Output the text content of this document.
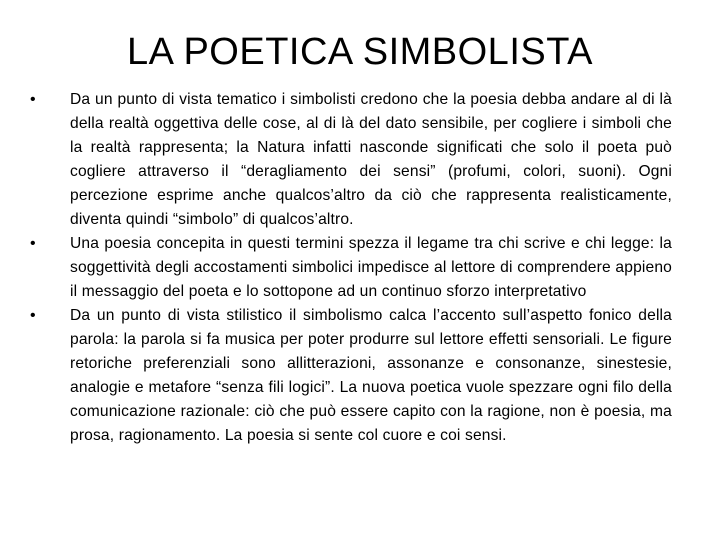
LA POETICA SIMBOLISTA
•	Da un punto di vista tematico i simbolisti credono che la poesia debba andare al di là della realtà oggettiva delle cose, al di là del dato sensibile, per cogliere i simboli che la realtà rappresenta; la Natura infatti nasconde significati che solo il poeta può cogliere attraverso il “deragliamento dei sensi” (profumi, colori, suoni). Ogni percezione esprime anche qualcos’altro da ciò che rappresenta realisticamente, diventa quindi “simbolo” di qualcos’altro.
•	Una poesia concepita in questi termini spezza il legame tra chi scrive e chi legge: la soggettività degli accostamenti simbolici impedisce al lettore di comprendere appieno il messaggio del poeta e lo sottopone ad un continuo sforzo interpretativo
•	Da un punto di vista stilistico il simbolismo calca l’accento sull’aspetto fonico della parola: la parola si fa musica per poter produrre sul lettore effetti sensoriali. Le figure retoriche preferenziali sono allitterazioni, assonanze e consonanze, sinestesie, analogie e metafore “senza fili logici”. La nuova poetica vuole spezzare ogni filo della comunicazione razionale: ciò che può essere capito con la ragione, non è poesia, ma prosa, ragionamento. La poesia si sente col cuore e coi sensi.
